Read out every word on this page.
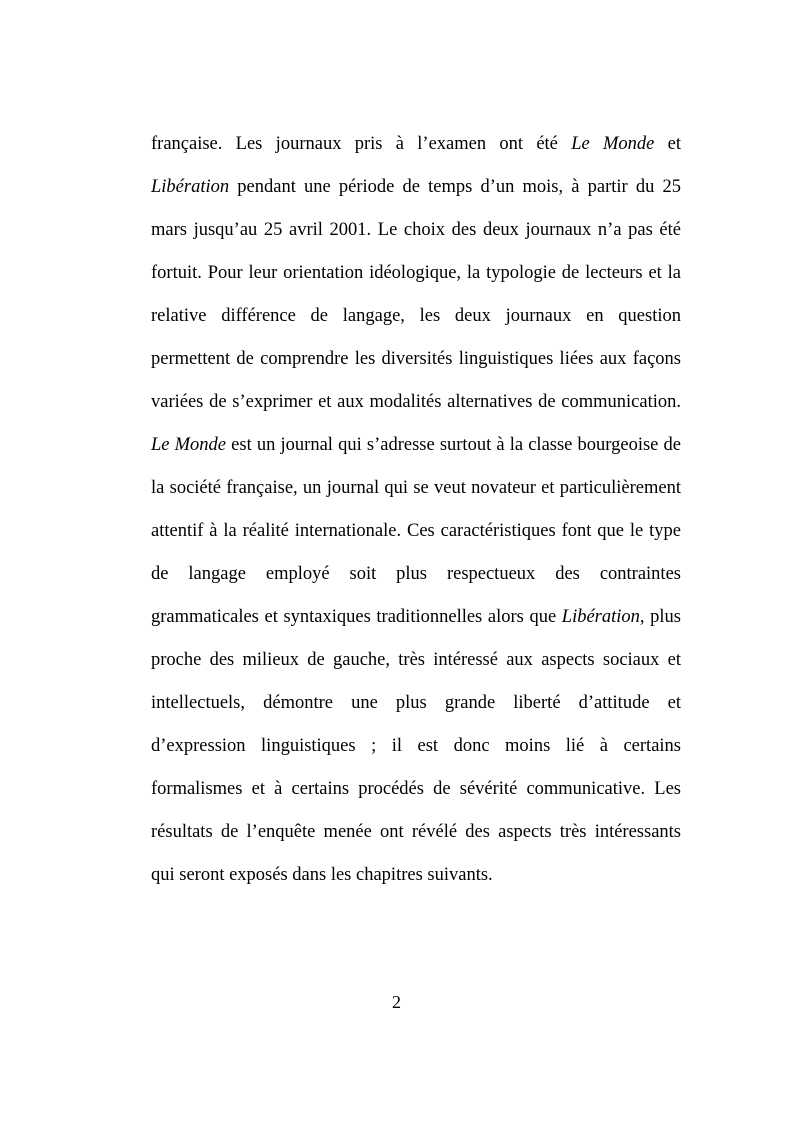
française. Les journaux pris à l’examen ont été Le Monde et
Libération pendant une période de temps d’un mois, à partir du 25
mars jusqu’au 25 avril 2001. Le choix des deux journaux n’a pas été
fortuit. Pour leur orientation idéologique, la typologie de lecteurs et la
relative différence de langage, les deux journaux en question
permettent de comprendre les diversités linguistiques liées aux façons
variées de s’exprimer et aux modalités alternatives de communication.
Le Monde est un journal qui s’adresse surtout à la classe bourgeoise de
la société française, un journal qui se veut novateur et particulièrement
attentif à la réalité internationale. Ces caractéristiques font que le type
de langage employé soit plus respectueux des contraintes
grammaticales et syntaxiques traditionnelles alors que Libération, plus
proche des milieux de gauche, très intéressé aux aspects sociaux et
intellectuels, démontre une plus grande liberté d’attitude et
d’expression linguistiques ; il est donc moins lié à certains
formalismes et à certains procédés de sévérité communicative. Les
résultats de l’enquête menée ont révélé des aspects très intéressants
qui seront exposés dans les chapitres suivants.
2
